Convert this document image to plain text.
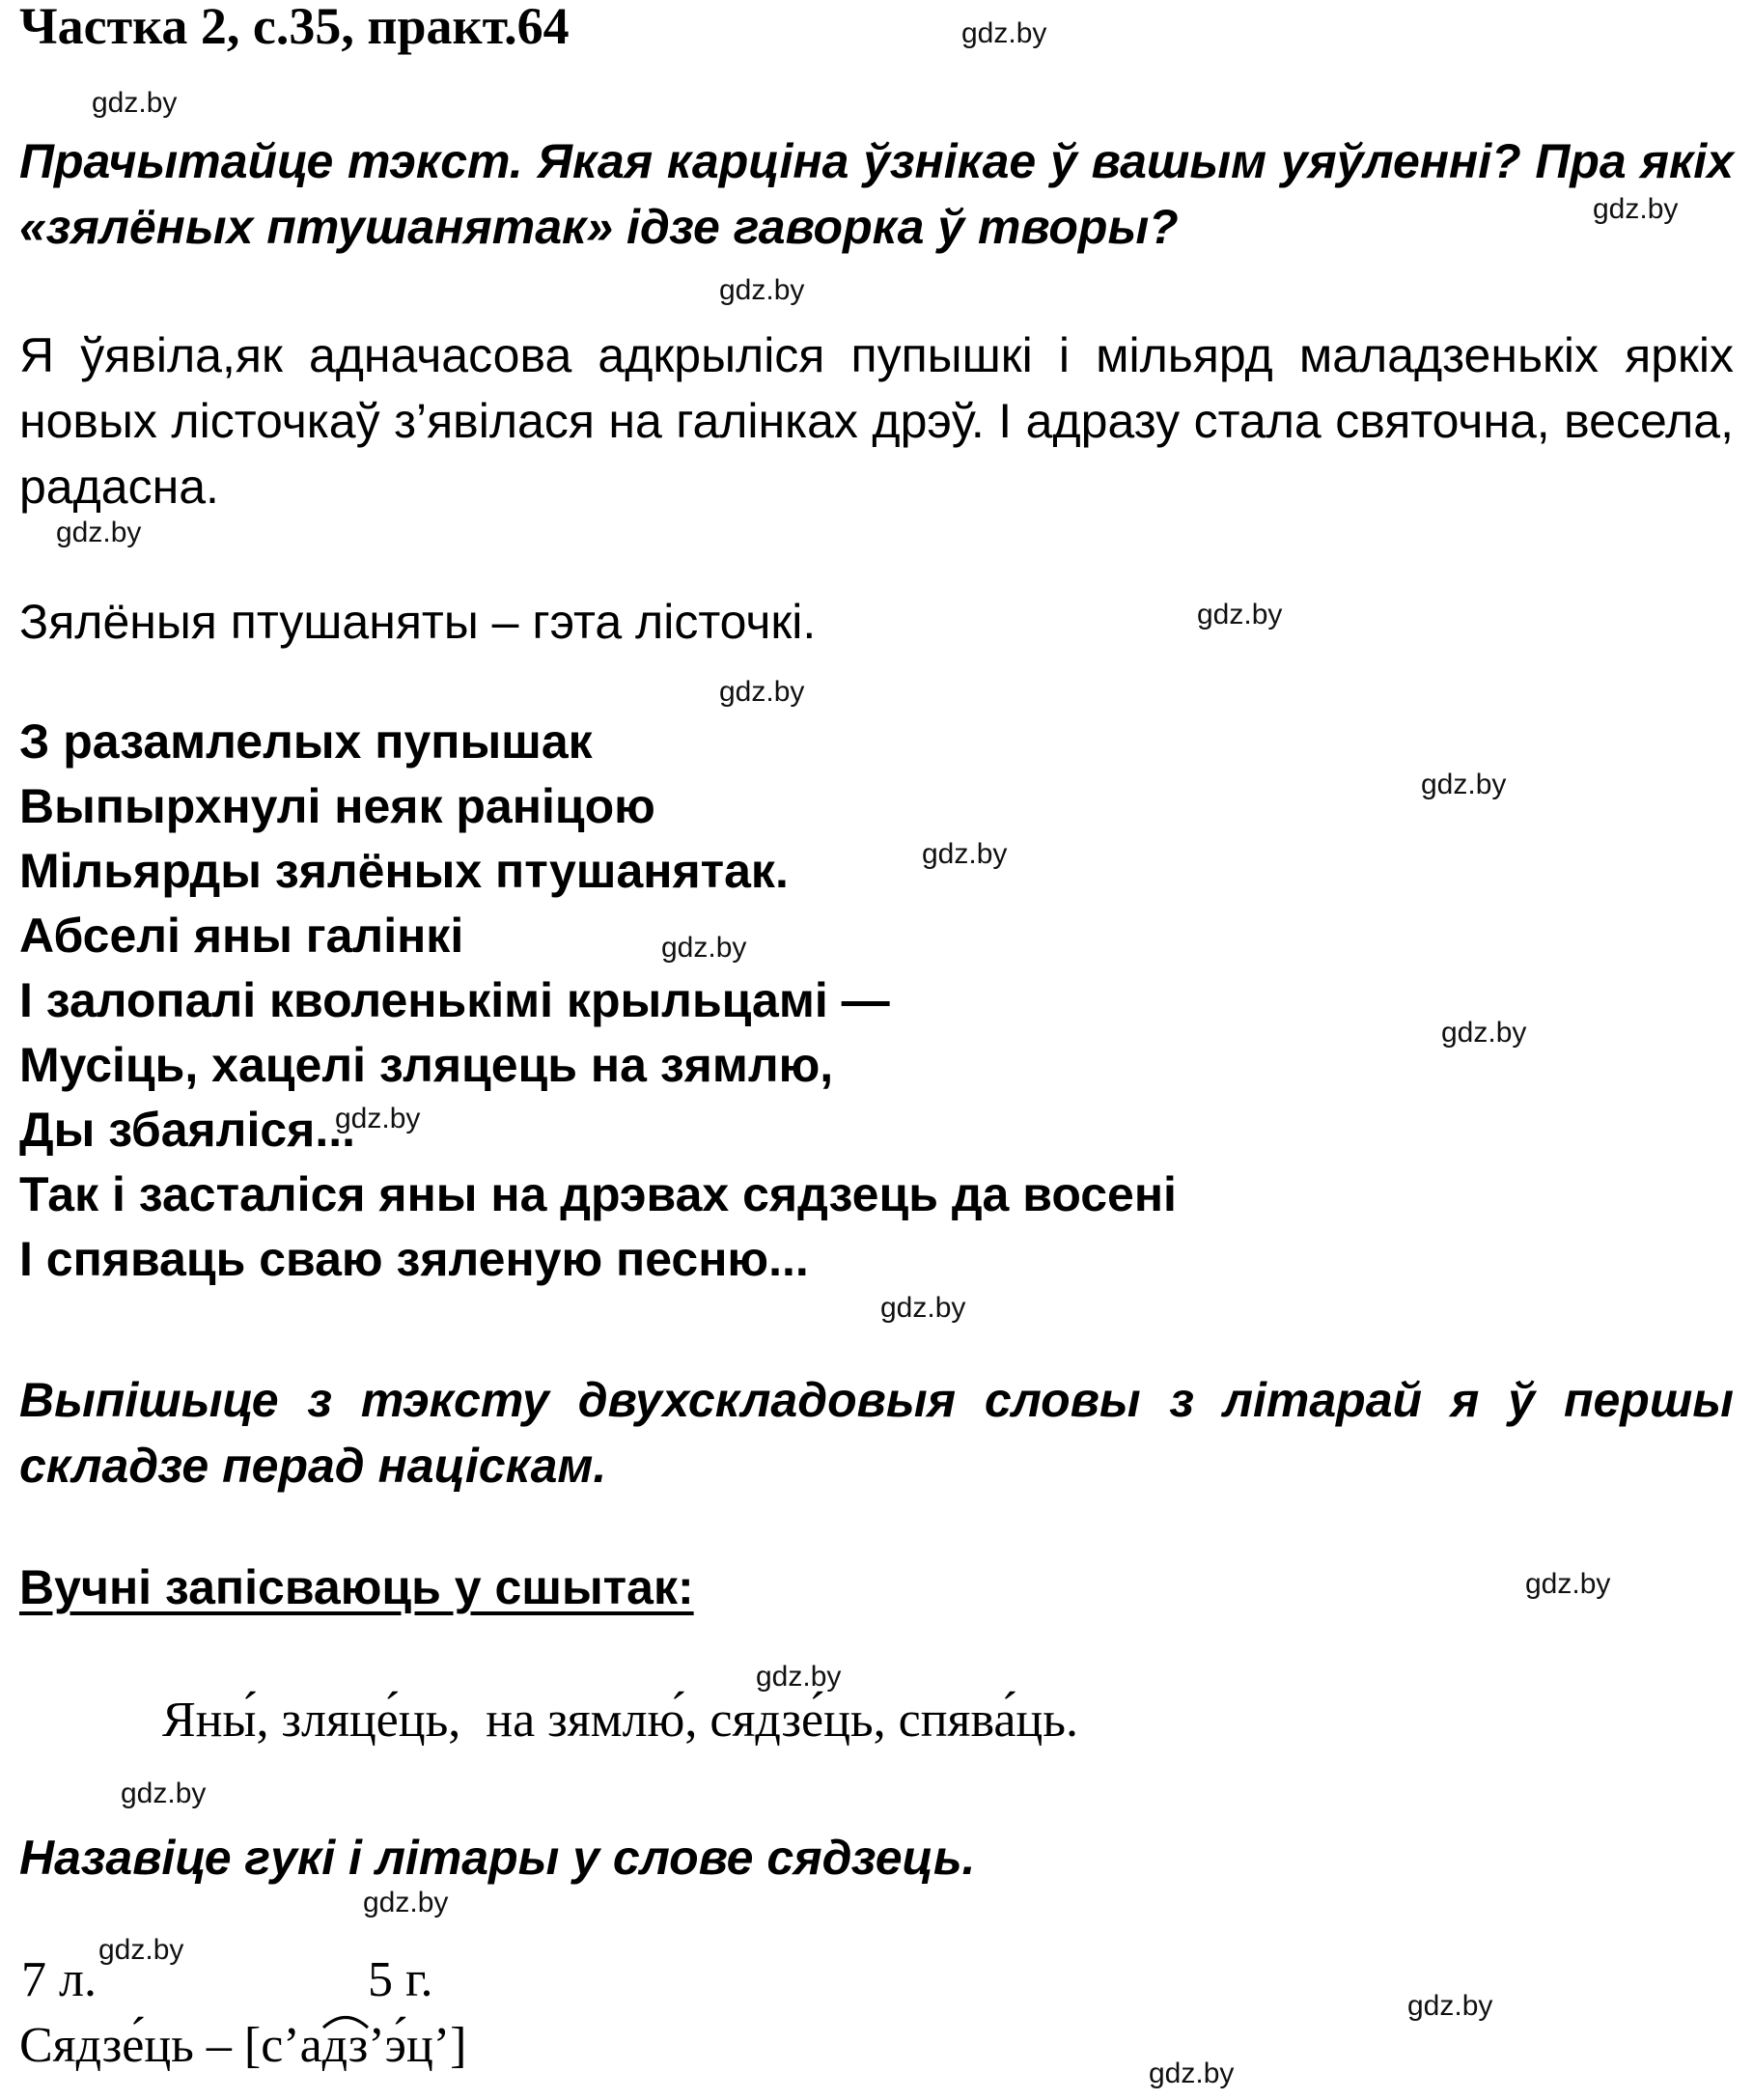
Частка 2, с.35, практ.64
Прачытайце тэкст. Якая карціна ўзнікае ў вашым уяўленні? Пра якіх «зялёных птушанятак» ідзе гаворка ў творы?
Я ўявіла,як адначасова адкрыліся пупышкі і мільярд маладзенькіх яркіх новых лісточкаў з’явілася на галінках дрэў. І адразу стала святочна, весела, радасна.
Зялёныя птушаняты – гэта лісточкі.
З разамлелых пупышак
Выпырхнулі неяк раніцою
Мільярды зялёных птушанятак.
Абселі яны галінкі
І залопалі кволенькімі крыльцамі —
Мусіць, хацелі зляцець на зямлю,
Ды збаяліся...
Так і засталіся яны на дрэвах сядзець да восені
І спяваць сваю зяленую песню...
Выпішыце з тэксту двухскладовыя словы з літарай я ў першы складзе перад націскам.
Вучні запісваюць у сшытак:
Яны́, зляце́ць,  на зямлю́, сядзе́ць, спява́ць.
Назавіце гукі і літары у слове сядзець.
7 л.	5 г.
Сядзе́ць – [с’а
дз’э́ц’]
gdz.by
gdz.by
gdz.by
gdz.by
gdz.by
gdz.by
gdz.by
gdz.by
gdz.by
gdz.by
gdz.by
gdz.by
gdz.by
gdz.by
gdz.by
gdz.by
gdz.by
gdz.by
gdz.by
gdz.by
